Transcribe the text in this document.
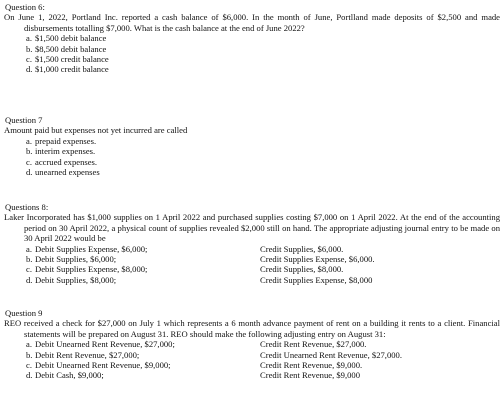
Question 6:
On June 1, 2022, Portland Inc. reported a cash balance of $6,000. In the month of June, Portlland made deposits of $2,500 and made disbursements totalling $7,000. What is the cash balance at the end of June 2022?
a. $1,500 debit balance
b. $8,500 debit balance
c. $1,500 credit balance
d. $1,000 credit balance
Question 7
Amount paid but expenses not yet incurred are called
a. prepaid expenses.
b. interim expenses.
c. accrued expenses.
d. unearned expenses
Questions 8:
Laker Incorporated has $1,000 supplies on 1 April 2022 and purchased supplies costing $7,000 on 1 April 2022. At the end of the accounting period on 30 April 2022, a physical count of supplies revealed $2,000 still on hand. The appropriate adjusting journal entry to be made on 30 April 2022 would be
a. Debit Supplies Expense, $6,000;	Credit Supplies, $6,000.
b. Debit Supplies, $6,000;	Credit Supplies Expense, $6,000.
c. Debit Supplies Expense, $8,000;	Credit Supplies, $8,000.
d. Debit Supplies, $8,000;	Credit Supplies Expense, $8,000
Question 9
REO received a check for $27,000 on July 1 which represents a 6 month advance payment of rent on a building it rents to a client. Financial statements will be prepared on August 31. REO should make the following adjusting entry on August 31:
a. Debit Unearned Rent Revenue, $27,000;	Credit Rent Revenue, $27,000.
b. Debit Rent Revenue, $27,000;	Credit Unearned Rent Revenue, $27,000.
c. Debit Unearned Rent Revenue, $9,000;	Credit Rent Revenue, $9,000.
d. Debit Cash, $9,000;	Credit Rent Revenue, $9,000
